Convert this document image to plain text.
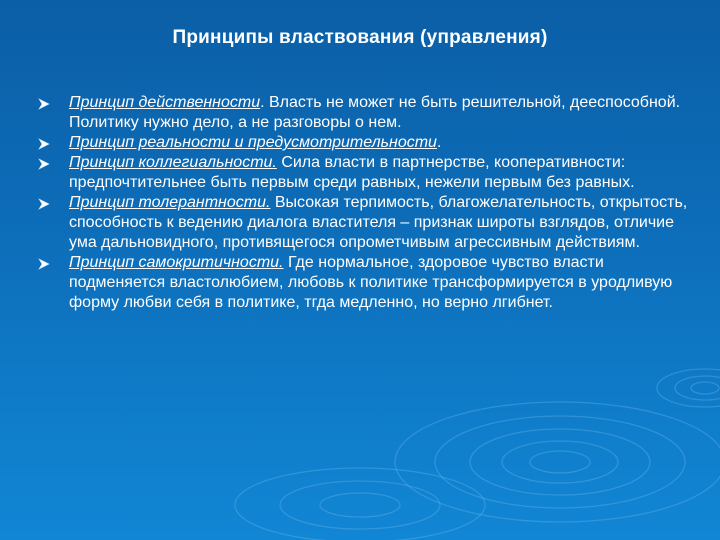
Принципы властвования (управления)
Принцип действенности. Власть не может не быть решительной, дееспособной. Политику нужно дело, а не разговоры о нем.
Принцип реальности и предусмотрительности.
Принцип коллегиальности. Сила власти в партнерстве, кооперативности: предпочтительнее быть первым среди равных, нежели первым без равных.
Принцип толерантности. Высокая терпимость, благожелательность, открытость, способность к ведению диалога властителя – признак широты взглядов, отличие ума дальновидного, противящегося опрометчивым агрессивным действиям.
Принцип самокритичности. Где нормальное, здоровое чувство власти подменяется властолюбием, любовь к политике трансформируется в уродливую форму любви себя в политике, тгда медленно, но верно лгибнет.
